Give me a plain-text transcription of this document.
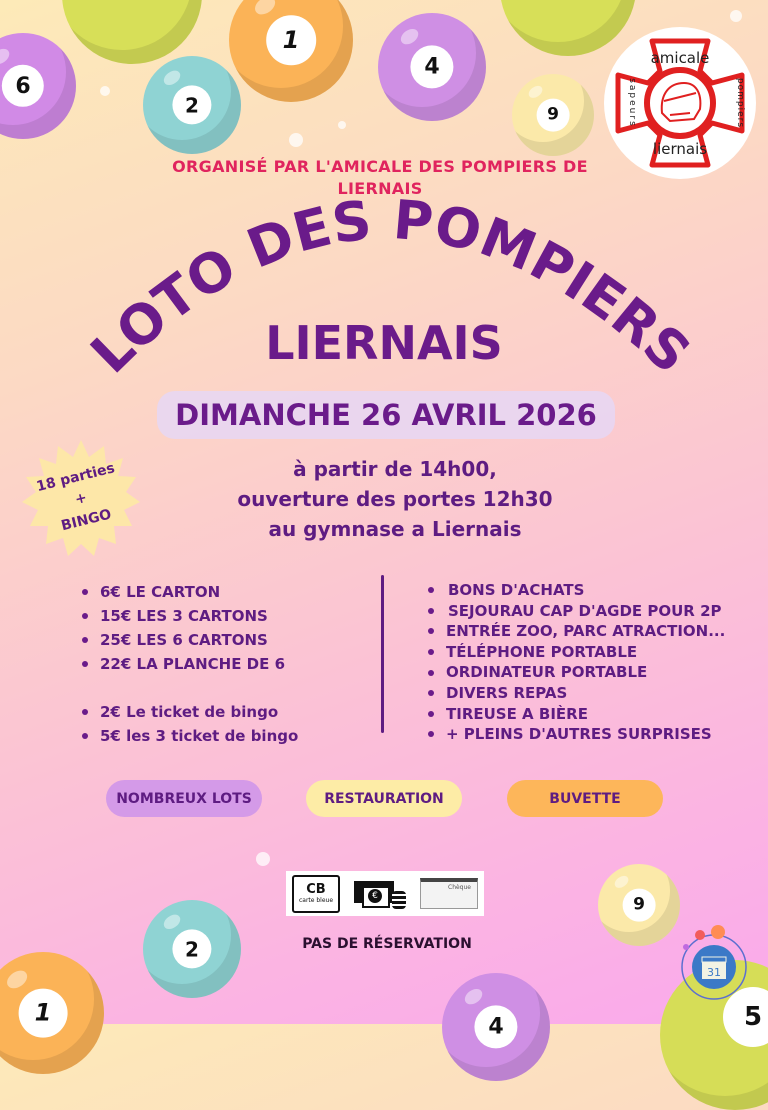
6
2
1
4
9
2
1
9
4	5
amicale
liernais
sapeurs	pompiers
ORGANISÉ PAR L'AMICALE DES POMPIERS DE LIERNAIS
LOTO DES POMPIERS
LIERNAIS
DIMANCHE 26 AVRIL 2026
18 parties
+
BINGO
à partir de 14h00,
ouverture des portes 12h30
au gymnase a Liernais
6€ LE CARTON
15€ LES 3 CARTONS
25€ LES 6 CARTONS
22€ LA PLANCHE DE 6
2€ Le ticket de bingo
5€ les 3 ticket de bingo
BONS D'ACHATS
SEJOURAU CAP D'AGDE POUR 2P
ENTRÉE ZOO, PARC ATRACTION...
TÉLÉPHONE PORTABLE
ORDINATEUR PORTABLE
DIVERS REPAS
TIREUSE A BIÈRE
+ PLEINS D'AUTRES SURPRISES
NOMBREUX LOTS	RESTAURATION	BUVETTE
CB
carte bleue	€
Chèque
PAS DE RÉSERVATION
31
